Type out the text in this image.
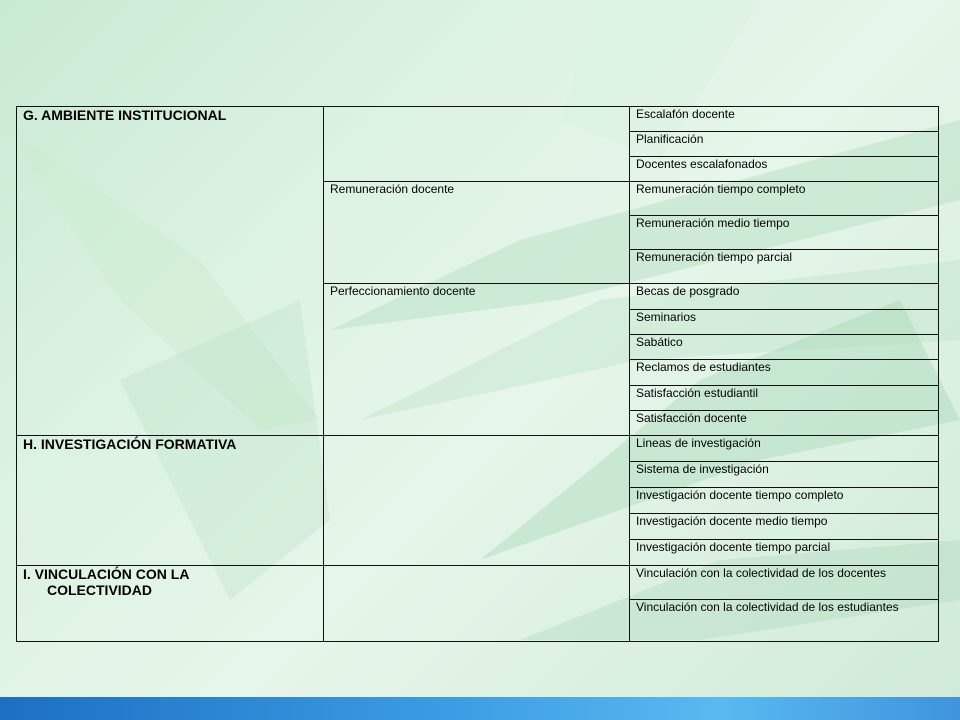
G. AMBIENTE INSTITUCIONAL		Escalafón docente
		Planificación
		Docentes escalafonados
	Remuneración docente	Remuneración tiempo completo
		Remuneración medio tiempo
		Remuneración tiempo parcial
	Perfeccionamiento docente	Becas de posgrado
		Seminarios
		Sabático
		Reclamos de estudiantes
		Satisfacción estudiantil
		Satisfacción docente
H. INVESTIGACIÓN FORMATIVA		Lineas de investigación
		Sistema de investigación
		Investigación docente tiempo completo
		Investigación docente medio tiempo
		Investigación docente tiempo parcial
I. VINCULACIÓN CON LA
COLECTIVIDAD		Vinculación con la colectividad de los docentes
		Vinculación con la colectividad de los estudiantes
